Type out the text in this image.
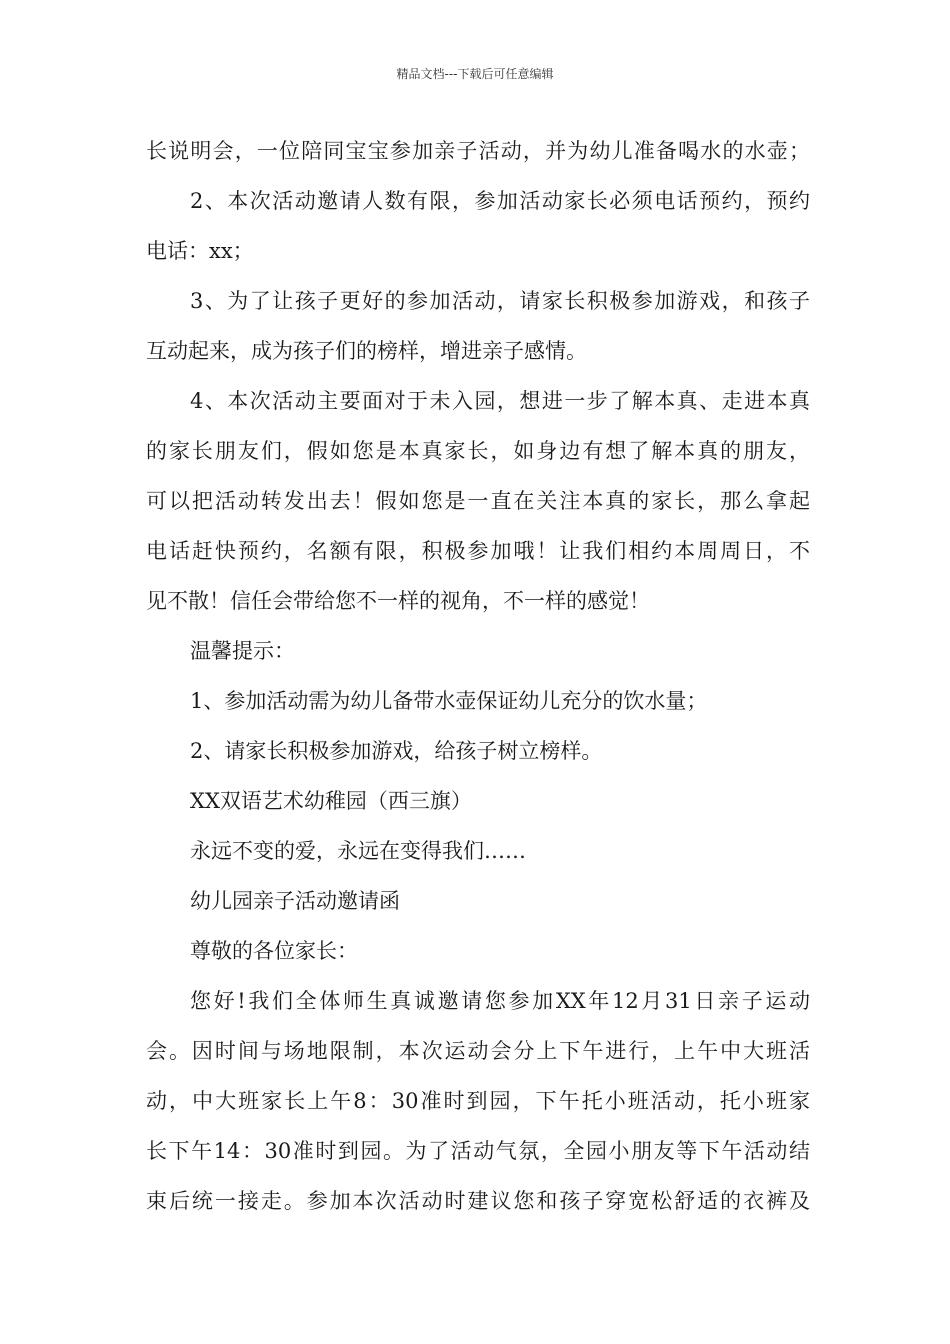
精品文档---下载后可任意编辑

长说明会，一位陪同宝宝参加亲子活动，并为幼儿准备喝水的水壶；

2、本次活动邀请人数有限，参加活动家长必须电话预约，预约

电话：xx；

3、为了让孩子更好的参加活动，请家长积极参加游戏，和孩子

互动起来，成为孩子们的榜样，增进亲子感情。

4、本次活动主要面对于未入园，想进一步了解本真、走进本真

的家长朋友们，假如您是本真家长，如身边有想了解本真的朋友，

可以把活动转发出去！假如您是一直在关注本真的家长，那么拿起

电话赶快预约，名额有限，积极参加哦！让我们相约本周周日，不

见不散！信任会带给您不一样的视角，不一样的感觉！

温馨提示：

1、参加活动需为幼儿备带水壶保证幼儿充分的饮水量；

2、请家长积极参加游戏，给孩子树立榜样。

XX双语艺术幼稚园（西三旗）

永远不变的爱，永远在变得我们……

幼儿园亲子活动邀请函

尊敬的各位家长：

您好!我们全体师生真诚邀请您参加XX年12月31日亲子运动

会。因时间与场地限制，本次运动会分上下午进行，上午中大班活

动，中大班家长上午8：30准时到园，下午托小班活动，托小班家

长下午14：30准时到园。为了活动气氛，全园小朋友等下午活动结

束后统一接走。参加本次活动时建议您和孩子穿宽松舒适的衣裤及
